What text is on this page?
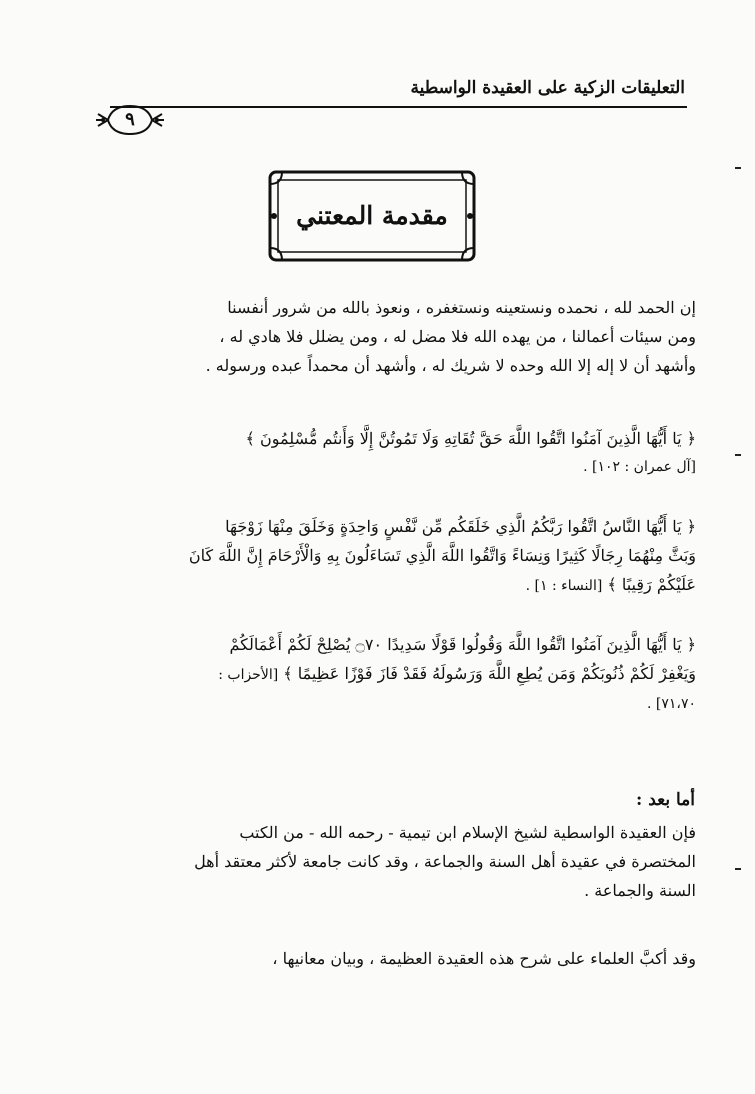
التعليقات الزكية على العقيدة الواسطية
٩
مقدمة المعتني
إن الحمد لله ، نحمده ونستعينه ونستغفره ، ونعوذ بالله من شرور أنفسنا
ومن سيئات أعمالنا ، من يهده الله فلا مضل له ، ومن يضلل فلا هادي له ،
وأشهد أن لا إله إلا الله وحده لا شريك له ، وأشهد أن محمداً عبده ورسوله .
﴿ يَا أَيُّهَا الَّذِينَ آمَنُوا اتَّقُوا اللَّهَ حَقَّ تُقَاتِهِ وَلَا تَمُوتُنَّ إِلَّا وَأَنتُم مُّسْلِمُونَ ﴾
[آل عمران : ١٠٢] .
﴿ يَا أَيُّهَا النَّاسُ اتَّقُوا رَبَّكُمُ الَّذِي خَلَقَكُم مِّن نَّفْسٍ وَاحِدَةٍ وَخَلَقَ مِنْهَا زَوْجَهَا
وَبَثَّ مِنْهُمَا رِجَالًا كَثِيرًا وَنِسَاءً وَاتَّقُوا اللَّهَ الَّذِي تَسَاءَلُونَ بِهِ وَالْأَرْحَامَ إِنَّ اللَّهَ كَانَ
عَلَيْكُمْ رَقِيبًا ﴾ [النساء : ١] .
﴿ يَا أَيُّهَا الَّذِينَ آمَنُوا اتَّقُوا اللَّهَ وَقُولُوا قَوْلًا سَدِيدًا ۝٧٠ يُصْلِحْ لَكُمْ أَعْمَالَكُمْ
وَيَغْفِرْ لَكُمْ ذُنُوبَكُمْ وَمَن يُطِعِ اللَّهَ وَرَسُولَهُ فَقَدْ فَازَ فَوْزًا عَظِيمًا ﴾ [الأحزاب :
٧١،٧٠] .
أما بعد :
فإن العقيدة الواسطية لشيخ الإسلام ابن تيمية - رحمه الله - من الكتب
المختصرة في عقيدة أهل السنة والجماعة ، وقد كانت جامعة لأكثر معتقد أهل
السنة والجماعة .
وقد أكبَّ العلماء على شرح هذه العقيدة العظيمة ، وبيان معانيها ،
